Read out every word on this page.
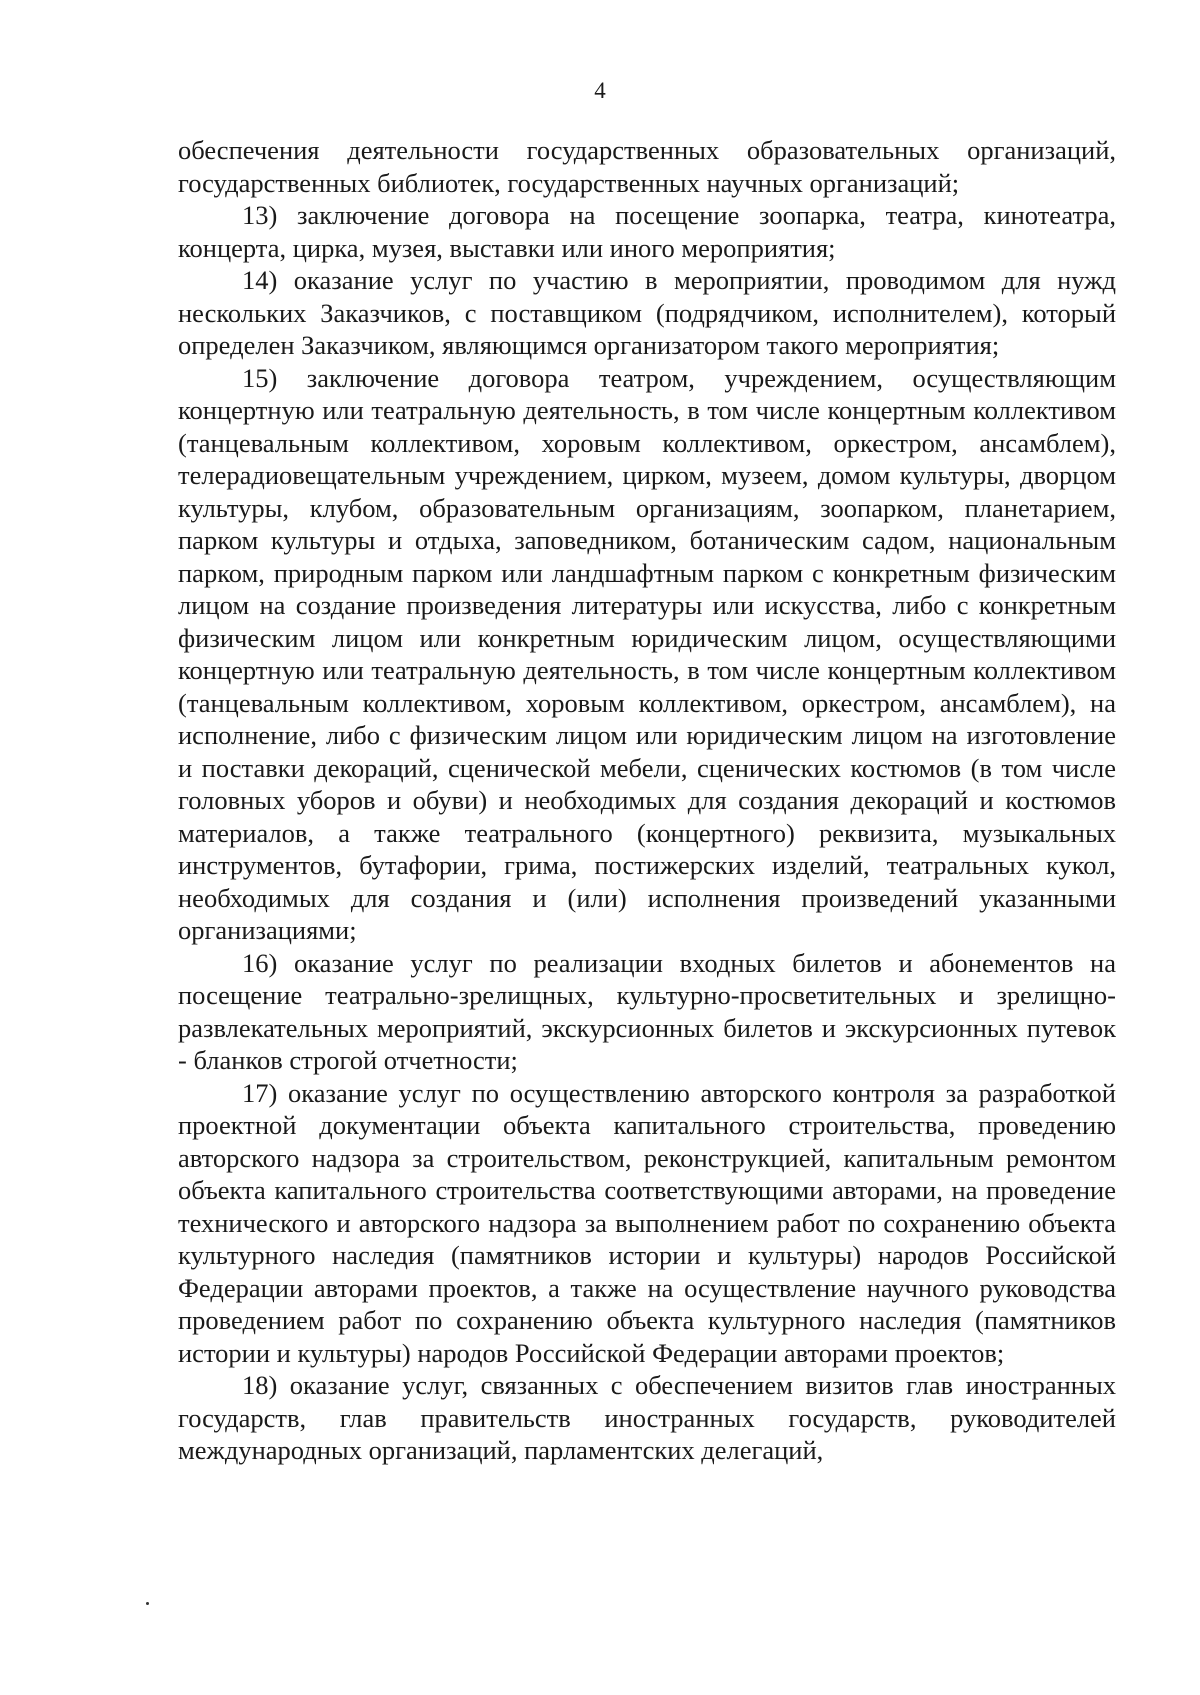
4

обеспечения деятельности государственных образовательных организаций, государственных библиотек, государственных научных организаций;

13) заключение договора на посещение зоопарка, театра, кинотеатра, концерта, цирка, музея, выставки или иного мероприятия;

14) оказание услуг по участию в мероприятии, проводимом для нужд нескольких Заказчиков, с поставщиком (подрядчиком, исполнителем), который определен Заказчиком, являющимся организатором такого мероприятия;

15) заключение договора театром, учреждением, осуществляющим концертную или театральную деятельность, в том числе концертным коллективом (танцевальным коллективом, хоровым коллективом, оркестром, ансамблем), телерадиовещательным учреждением, цирком, музеем, домом культуры, дворцом культуры, клубом, образовательным организациям, зоопарком, планетарием, парком культуры и отдыха, заповедником, ботаническим садом, национальным парком, природным парком или ландшафтным парком с конкретным физическим лицом на создание произведения литературы или искусства, либо с конкретным физическим лицом или конкретным юридическим лицом, осуществляющими концертную или театральную деятельность, в том числе концертным коллективом (танцевальным коллективом, хоровым коллективом, оркестром, ансамблем), на исполнение, либо с физическим лицом или юридическим лицом на изготовление и поставки декораций, сценической мебели, сценических костюмов (в том числе головных уборов и обуви) и необходимых для создания декораций и костюмов материалов, а также театрального (концертного) реквизита, музыкальных инструментов, бутафории, грима, постижерских изделий, театральных кукол, необходимых для создания и (или) исполнения произведений указанными организациями;

16) оказание услуг по реализации входных билетов и абонементов на посещение театрально-зрелищных, культурно-просветительных и зрелищно-развлекательных мероприятий, экскурсионных билетов и экскурсионных путевок - бланков строгой отчетности;

17) оказание услуг по осуществлению авторского контроля за разработкой проектной документации объекта капитального строительства, проведению авторского надзора за строительством, реконструкцией, капитальным ремонтом объекта капитального строительства соответствующими авторами, на проведение технического и авторского надзора за выполнением работ по сохранению объекта культурного наследия (памятников истории и культуры) народов Российской Федерации авторами проектов, а также на осуществление научного руководства проведением работ по сохранению объекта культурного наследия (памятников истории и культуры) народов Российской Федерации авторами проектов;

18) оказание услуг, связанных с обеспечением визитов глав иностранных государств, глав правительств иностранных государств, руководителей международных организаций, парламентских делегаций,
